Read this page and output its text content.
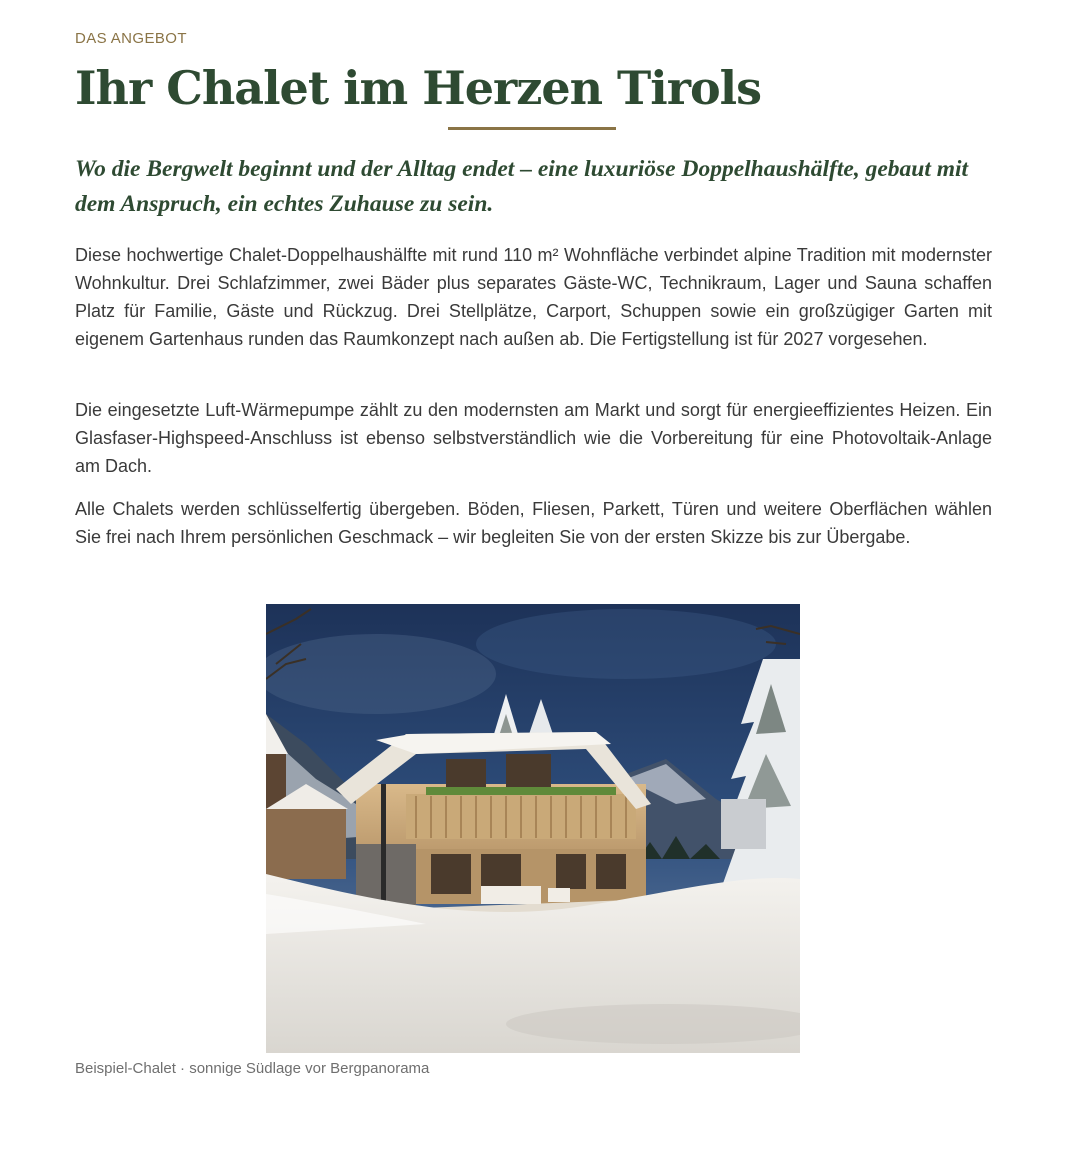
DAS ANGEBOT
Ihr Chalet im Herzen Tirols

Wo die Bergwelt beginnt und der Alltag endet – eine luxuriöse Doppelhaushälfte, gebaut mit dem Anspruch, ein echtes Zuhause zu sein.

Diese hochwertige Chalet-Doppelhaushälfte mit rund 110 m² Wohnfläche verbindet alpine Tradition mit modernster Wohnkultur. Drei Schlafzimmer, zwei Bäder plus separates Gäste-WC, Technikraum, Lager und Sauna schaffen Platz für Familie, Gäste und Rückzug. Drei Stellplätze, Carport, Schuppen sowie ein großzügiger Garten mit eigenem Gartenhaus runden das Raumkonzept nach außen ab. Die Fertigstellung ist für 2027 vorgesehen.

Die eingesetzte Luft-Wärmepumpe zählt zu den modernsten am Markt und sorgt für energieeffizientes Heizen. Ein Glasfaser-Highspeed-Anschluss ist ebenso selbstverständlich wie die Vorbereitung für eine Photovoltaik-Anlage am Dach.

Alle Chalets werden schlüsselfertig übergeben. Böden, Fliesen, Parkett, Türen und weitere Oberflächen wählen Sie frei nach Ihrem persönlichen Geschmack – wir begleiten Sie von der ersten Skizze bis zur Übergabe.

Beispiel-Chalet · sonnige Südlage vor Bergpanorama
